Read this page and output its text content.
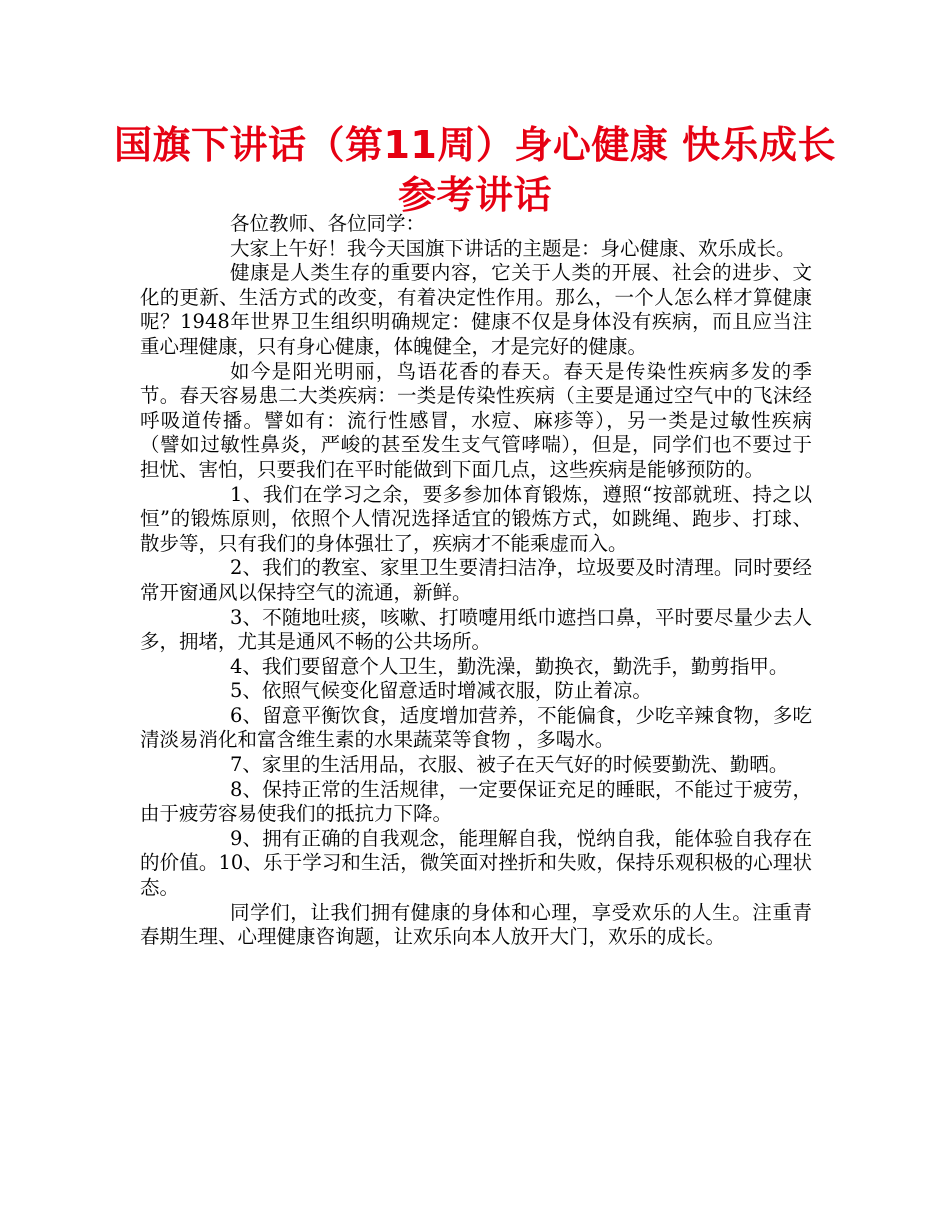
国旗下讲话（第11周）身心健康 快乐成长参考讲话

各位教师、各位同学：

大家上午好！我今天国旗下讲话的主题是：身心健康、欢乐成长。

健康是人类生存的重要内容，它关于人类的开展、社会的进步、文化的更新、生活方式的改变，有着决定性作用。那么，一个人怎么样才算健康呢？1948年世界卫生组织明确规定：健康不仅是身体没有疾病，而且应当注重心理健康，只有身心健康，体魄健全，才是完好的健康。

如今是阳光明丽，鸟语花香的春天。春天是传染性疾病多发的季节。春天容易患二大类疾病：一类是传染性疾病（主要是通过空气中的飞沫经呼吸道传播。譬如有：流行性感冒，水痘、麻疹等），另一类是过敏性疾病（譬如过敏性鼻炎，严峻的甚至发生支气管哮喘），但是，同学们也不要过于担忧、害怕，只要我们在平时能做到下面几点，这些疾病是能够预防的。

1、我们在学习之余，要多参加体育锻炼，遵照“按部就班、持之以恒”的锻炼原则，依照个人情况选择适宜的锻炼方式，如跳绳、跑步、打球、散步等，只有我们的身体强壮了，疾病才不能乘虚而入。

2、我们的教室、家里卫生要清扫洁净，垃圾要及时清理。同时要经常开窗通风以保持空气的流通，新鲜。

3、不随地吐痰，咳嗽、打喷嚏用纸巾遮挡口鼻，平时要尽量少去人多，拥堵，尤其是通风不畅的公共场所。

4、我们要留意个人卫生，勤洗澡，勤换衣，勤洗手，勤剪指甲。

5、依照气候变化留意适时增减衣服，防止着凉。

6、留意平衡饮食，适度增加营养，不能偏食，少吃辛辣食物，多吃清淡易消化和富含维生素的水果蔬菜等食物 ，多喝水。

7、家里的生活用品，衣服、被子在天气好的时候要勤洗、勤晒。

8、保持正常的生活规律，一定要保证充足的睡眠，不能过于疲劳，由于疲劳容易使我们的抵抗力下降。

9、拥有正确的自我观念，能理解自我，悦纳自我，能体验自我存在的价值。10、乐于学习和生活，微笑面对挫折和失败，保持乐观积极的心理状态。

同学们，让我们拥有健康的身体和心理，享受欢乐的人生。注重青春期生理、心理健康咨询题，让欢乐向本人放开大门，欢乐的成长。
